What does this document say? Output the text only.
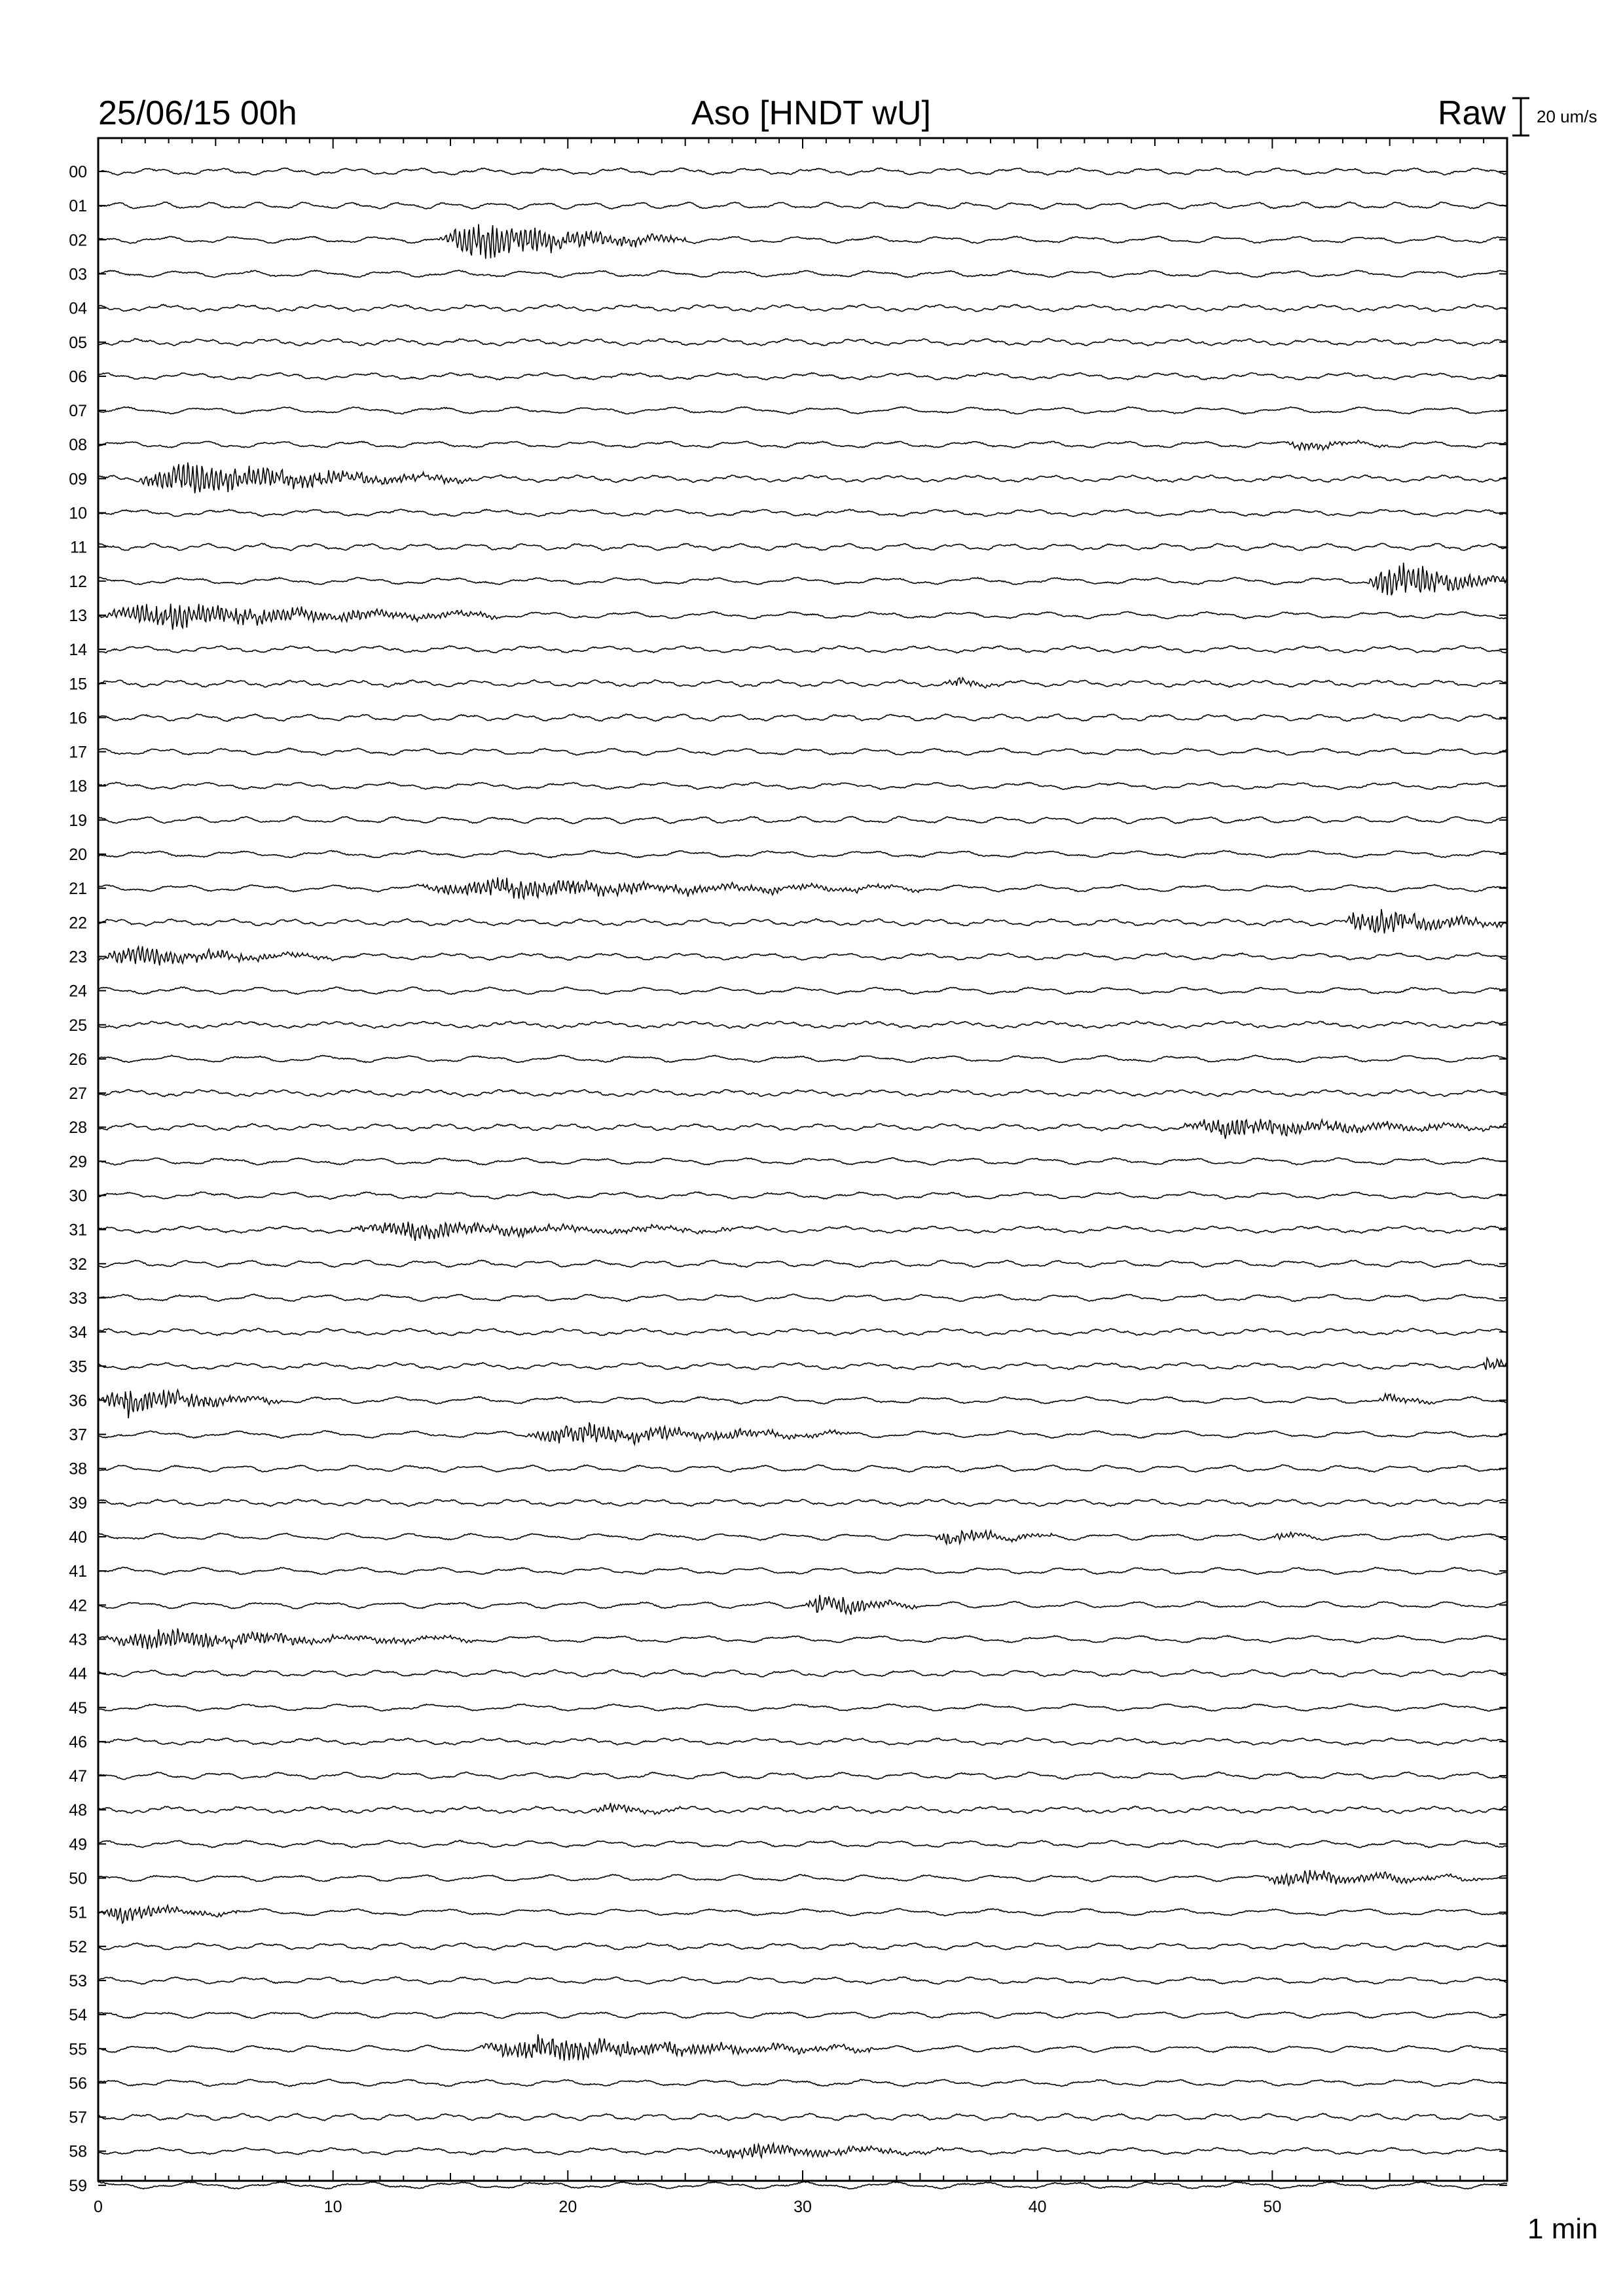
25/06/15 00h	Aso [HNDT wU]	Raw 20 um/s
00
01
02
03
04
05
06
07
08
09
10
11
12
13
14
15
16
17
18
19
20
21
22
23
24
25
26
27
28
29
30
31
32
33
34
35
36
37
38
39
40
41
42
43
44
45
46
47
48
49
50
51
52
53
54
55
56
57
58
59
0	10	20	30	40	50
1 min
